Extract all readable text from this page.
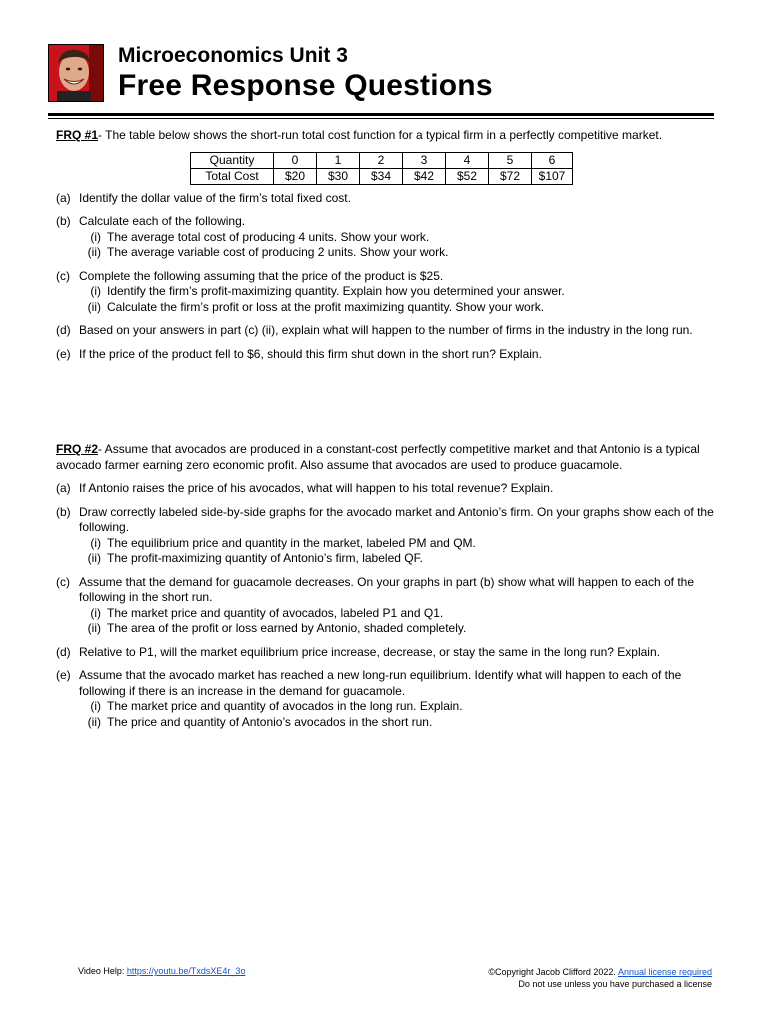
Microeconomics Unit 3
Free Response Questions

FRQ #1- The table below shows the short-run total cost function for a typical firm in a perfectly competitive market.

Quantity	0	1	2	3	4	5	6
Total Cost	$20	$30	$34	$42	$52	$72	$107
(a) Identify the dollar value of the firm’s total fixed cost.
(b) Calculate each of the following.
(i) The average total cost of producing 4 units. Show your work.
(ii) The average variable cost of producing 2 units. Show your work.
(c) Complete the following assuming that the price of the product is $25.
(i) Identify the firm’s profit-maximizing quantity. Explain how you determined your answer.
(ii) Calculate the firm’s profit or loss at the profit maximizing quantity. Show your work.
(d) Based on your answers in part (c) (ii), explain what will happen to the number of firms in the industry in the long run.
(e) If the price of the product fell to $6, should this firm shut down in the short run? Explain.

FRQ #2- Assume that avocados are produced in a constant-cost perfectly competitive market and that Antonio is a typical avocado farmer earning zero economic profit. Also assume that avocados are used to produce guacamole.

(a) If Antonio raises the price of his avocados, what will happen to his total revenue? Explain.
(b) Draw correctly labeled side-by-side graphs for the avocado market and Antonio’s firm. On your graphs show each of the following.
(i) The equilibrium price and quantity in the market, labeled PM and QM.
(ii) The profit-maximizing quantity of Antonio’s firm, labeled QF.
(c) Assume that the demand for guacamole decreases. On your graphs in part (b) show what will happen to each of the following in the short run.
(i) The market price and quantity of avocados, labeled P1 and Q1.
(ii) The area of the profit or loss earned by Antonio, shaded completely.
(d) Relative to P1, will the market equilibrium price increase, decrease, or stay the same in the long run? Explain.
(e) Assume that the avocado market has reached a new long-run equilibrium. Identify what will happen to each of the following if there is an increase in the demand for guacamole.
(i) The market price and quantity of avocados in the long run. Explain.
(ii) The price and quantity of Antonio’s avocados in the short run.
Video Help: https://youtu.be/TxdsXE4r_3o	©Copyright Jacob Clifford 2022. Annual license required
Do not use unless you have purchased a license
